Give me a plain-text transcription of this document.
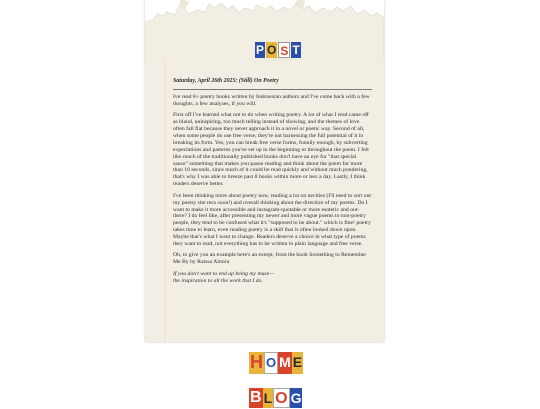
P O S T
Saturday, April 26th 2025: (Still) On Poetry

Ive read 8+ poetry books written by Indonesian authors and I've come back with a few thoughts, a few analyses, if you will.

First off I've learned what not to do when writing poetry. A lot of what I read came off as bland, uninspiring, too much telling instead of showing, and the themes of love often fall flat because they never approach it in a novel or poetic way. Second of all, when some people do use free verse, they're not harnessing the full potential of it in breaking its form. Yes, you can break free verse forms, funnily enough, by subverting expectations and patterns you've set up in the beginning or throughout the poem. I felt like much of the traditionally published books don't have an eye for "that special sauce" something that makes you pause reading and think about the poem for more than 10 seconds, since much of it could be read quickly and without much pondering, that's why I was able to breeze past 8 books within more or less a day. Lastly, I think readers deserve better.

I've been thinking more about poetry now, reading a lot on necities (I'll need to sort out my poetry site recs soon!) and overall thinking about the direction of my poems. Do I want to make it more accessible and instagram-quotable or more esoteric and out-there? I do feel like, after presenting my newer and more vague poems to non-poetry people, they tend to be confused what it's "supposed to be about." which is fine! poetry takes time to learn, even reading poetry is a skill that is often looked down upon. Maybe that's what I want to change. Readers deserve a choice in what type of poems they want to read, not everything has to be written in plain language and free verse.

Oh, to give you an example here's an exerpt, from the book Something to Remember Me By by Raissa Almira

If you don't want to end up being my muse—
the inspiration to all the work that I do.
H O M E
B L O G
